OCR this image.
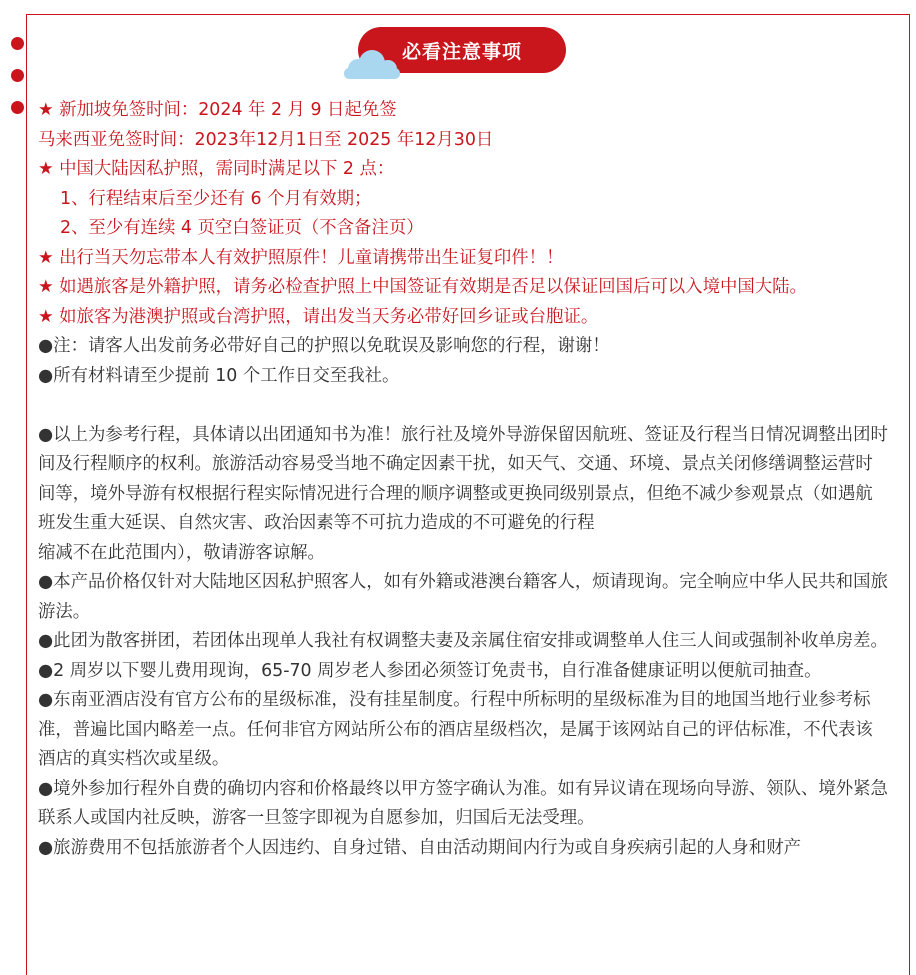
必看注意事项

★ 新加坡免签时间：2024 年 2 月 9 日起免签

马来西亚免签时间：2023年12月1日至 2025 年12月30日

★ 中国大陆因私护照，需同时满足以下 2 点：

1、行程结束后至少还有 6 个月有效期；

2、至少有连续 4 页空白签证页（不含备注页）

★ 出行当天勿忘带本人有效护照原件！儿童请携带出生证复印件！！

★ 如遇旅客是外籍护照，请务必检查护照上中国签证有效期是否足以保证回国后可以入境中国大陆。

★ 如旅客为港澳护照或台湾护照，请出发当天务必带好回乡证或台胞证。

●注：请客人出发前务必带好自己的护照以免耽误及影响您的行程，谢谢！

●所有材料请至少提前 10 个工作日交至我社。

●以上为参考行程，具体请以出团通知书为准！旅行社及境外导游保留因航班、签证及行程当日情况调整出团时间及行程顺序的权利。旅游活动容易受当地不确定因素干扰，如天气、交通、环境、景点关闭修缮调整运营时间等，境外导游有权根据行程实际情况进行合理的顺序调整或更换同级别景点，但绝不减少参观景点（如遇航班发生重大延误、自然灾害、政治因素等不可抗力造成的不可避免的行程

缩减不在此范围内），敬请游客谅解。

●本产品价格仅针对大陆地区因私护照客人，如有外籍或港澳台籍客人，烦请现询。完全响应中华人民共和国旅游法。

●此团为散客拼团，若团体出现单人我社有权调整夫妻及亲属住宿安排或调整单人住三人间或强制补收单房差。

●2 周岁以下婴儿费用现询，65-70 周岁老人参团必须签订免责书，自行准备健康证明以便航司抽查。

●东南亚酒店没有官方公布的星级标准，没有挂星制度。行程中所标明的星级标准为目的地国当地行业参考标准，普遍比国内略差一点。任何非官方网站所公布的酒店星级档次，是属于该网站自己的评估标准，不代表该酒店的真实档次或星级。

●境外参加行程外自费的确切内容和价格最终以甲方签字确认为准。如有异议请在现场向导游、领队、境外紧急联系人或国内社反映，游客一旦签字即视为自愿参加，归国后无法受理。

●旅游费用不包括旅游者个人因违约、自身过错、自由活动期间内行为或自身疾病引起的人身和财产
